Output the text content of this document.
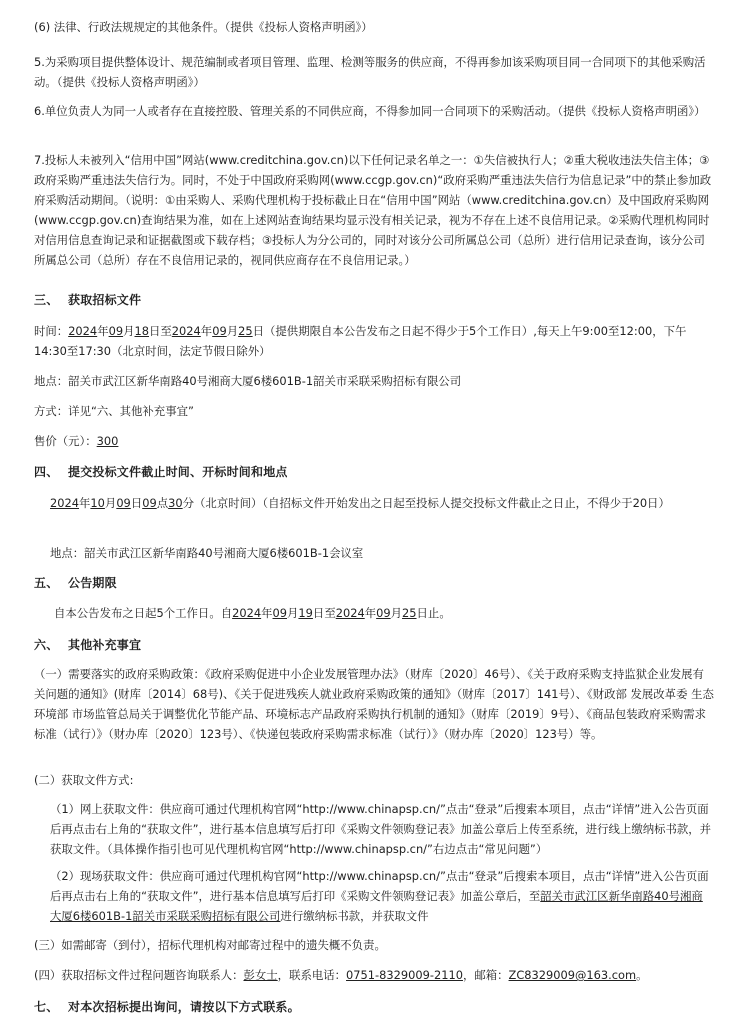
(6) 法律、行政法规规定的其他条件。（提供《投标人资格声明函》）

5.为采购项目提供整体设计、规范编制或者项目管理、监理、检测等服务的供应商，不得再参加该采购项目同一合同项下的其他采购活动。（提供《投标人资格声明函》）

6.单位负责人为同一人或者存在直接控股、管理关系的不同供应商，不得参加同一合同项下的采购活动。（提供《投标人资格声明函》）

7.投标人未被列入“信用中国”网站(www.creditchina.gov.cn)以下任何记录名单之一：①失信被执行人；②重大税收违法失信主体；③政府采购严重违法失信行为。同时，不处于中国政府采购网(www.ccgp.gov.cn)“政府采购严重违法失信行为信息记录”中的禁止参加政府采购活动期间。（说明：①由采购人、采购代理机构于投标截止日在“信用中国”网站（www.creditchina.gov.cn）及中国政府采购网(www.ccgp.gov.cn)查询结果为准，如在上述网站查询结果均显示没有相关记录，视为不存在上述不良信用记录。②采购代理机构同时对信用信息查询记录和证据截图或下载存档；③投标人为分公司的，同时对该分公司所属总公司（总所）进行信用记录查询，该分公司所属总公司（总所）存在不良信用记录的，视同供应商存在不良信用记录。）

三、 获取招标文件

时间：2024年09月18日至2024年09月25日（提供期限自本公告发布之日起不得少于5个工作日）,每天上午9:00至12:00，下午14:30至17:30（北京时间，法定节假日除外）

地点：韶关市武江区新华南路40号湘商大厦6楼601B-1韶关市采联采购招标有限公司

方式：详见“六、其他补充事宜”

售价（元）：300

四、 提交投标文件截止时间、开标时间和地点

2024年10月09日09点30分（北京时间）（自招标文件开始发出之日起至投标人提交投标文件截止之日止，不得少于20日）

地点：韶关市武江区新华南路40号湘商大厦6楼601B-1会议室

五、 公告期限

自本公告发布之日起5个工作日。自2024年09月19日至2024年09月25日止。

六、 其他补充事宜

（一）需要落实的政府采购政策：《政府采购促进中小企业发展管理办法》（财库〔2020〕46号）、《关于政府采购支持监狱企业发展有关问题的通知》(财库〔2014〕68号)、《关于促进残疾人就业政府采购政策的通知》（财库〔2017〕141号）、《财政部 发展改革委 生态环境部 市场监管总局关于调整优化节能产品、环境标志产品政府采购执行机制的通知》（财库〔2019〕9号）、《商品包装政府采购需求标准（试行）》（财办库〔2020〕123号）、《快递包装政府采购需求标准（试行）》（财办库〔2020〕123号）等。

(二）获取文件方式:

（1）网上获取文件：供应商可通过代理机构官网“http://www.chinapsp.cn/”点击“登录”后搜索本项目，点击“详情”进入公告页面后再点击右上角的“获取文件”，进行基本信息填写后打印《采购文件领购登记表》加盖公章后上传至系统，进行线上缴纳标书款，并获取文件。（具体操作指引也可见代理机构官网“http://www.chinapsp.cn/”右边点击“常见问题”）

（2）现场获取文件：供应商可通过代理机构官网“http://www.chinapsp.cn/”点击“登录”后搜索本项目，点击“详情”进入公告页面后再点击右上角的“获取文件”，进行基本信息填写后打印《采购文件领购登记表》加盖公章后，至韶关市武江区新华南路40号湘商大厦6楼601B-1韶关市采联采购招标有限公司进行缴纳标书款，并获取文件

(三）如需邮寄（到付），招标代理机构对邮寄过程中的遗失概不负责。

(四）获取招标文件过程问题咨询联系人：彭女士，联系电话：0751-8329009-2110，邮箱：ZC8329009@163.com。

七、 对本次招标提出询问，请按以下方式联系。
